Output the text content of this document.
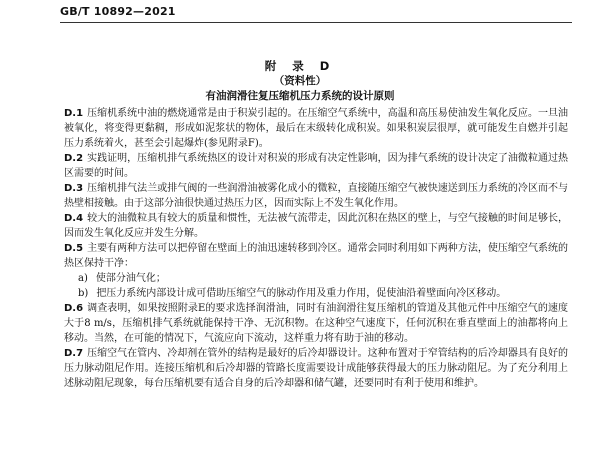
GB/T 10892—2021
附 录 D
（资料性）
有油润滑往复压缩机压力系统的设计原则

D.1 压缩机系统中油的燃烧通常是由于积炭引起的。在压缩空气系统中，高温和高压易使油发生氧化反应。一旦油被氧化，将变得更黏稠，形成如泥浆状的物体，最后在末级转化成积炭。如果积炭层很厚，就可能发生自燃并引起压力系统着火，甚至会引起爆炸(参见附录F)。

D.2 实践证明，压缩机排气系统热区的设计对积炭的形成有决定性影响，因为排气系统的设计决定了油微粒通过热区需要的时间。

D.3 压缩机排气法兰或排气阀的一些润滑油被雾化成小的微粒，直接随压缩空气被快速送到压力系统的冷区而不与热壁相接触。由于这部分油很快通过热压力区，因而实际上不发生氧化作用。

D.4 较大的油微粒具有较大的质量和惯性，无法被气流带走，因此沉积在热区的壁上，与空气接触的时间足够长，因而发生氧化反应并发生分解。

D.5 主要有两种方法可以把停留在壁面上的油迅速转移到冷区。通常会同时利用如下两种方法，使压缩空气系统的热区保持干净：

a) 使部分油气化；

b) 把压力系统内部设计成可借助压缩空气的脉动作用及重力作用，促使油沿着壁面向冷区移动。

D.6 调查表明，如果按照附录E的要求选择润滑油，同时有油润滑往复压缩机的管道及其他元件中压缩空气的速度大于8 m/s，压缩机排气系统就能保持干净、无沉积物。在这种空气速度下，任何沉积在垂直壁面上的油都将向上移动。当然，在可能的情况下，气流应向下流动，这样重力将有助于油的移动。

D.7 压缩空气在管内、冷却剂在管外的结构是最好的后冷却器设计。这种布置对于窄管结构的后冷却器具有良好的压力脉动阻尼作用。连接压缩机和后冷却器的管路长度需要设计成能够获得最大的压力脉动阻尼。为了充分利用上述脉动阻尼现象，每台压缩机要有适合自身的后冷却器和储气罐，还要同时有利于使用和维护。
